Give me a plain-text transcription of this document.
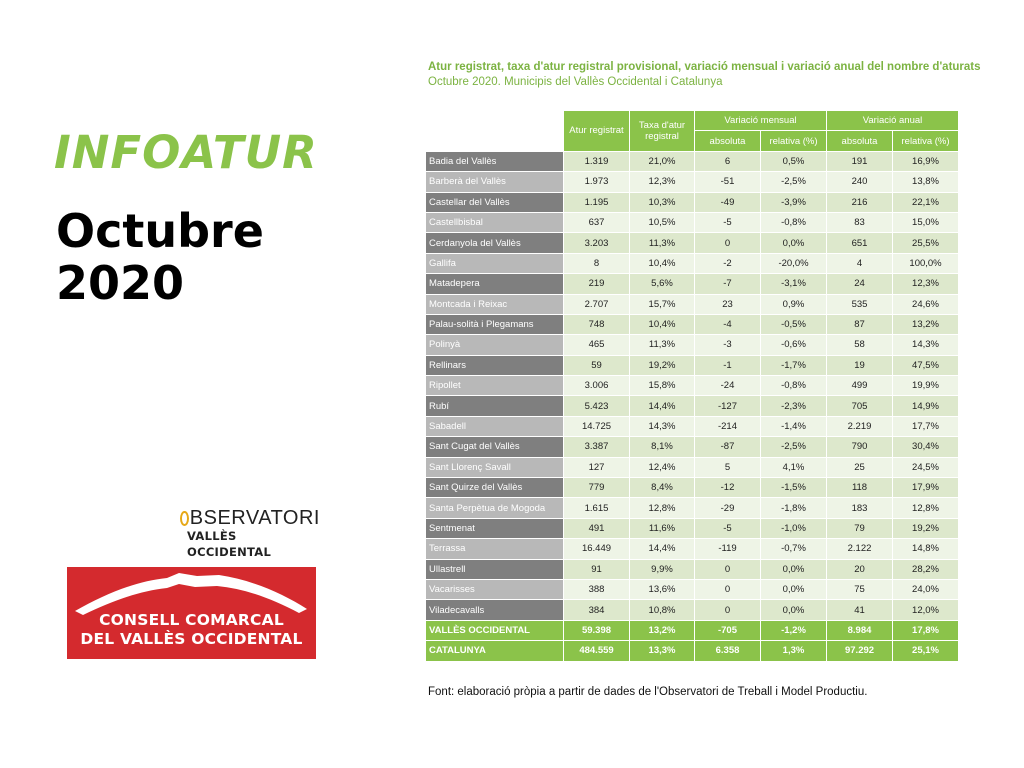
INFOATUR
Octubre
2020
BSERVATORI
VALLÈS OCCIDENTAL
CONSELL COMARCAL
DEL VALLÈS OCCIDENTAL
Atur registrat, taxa d'atur registral provisional, variació mensual i variació anual del nombre d'aturats
Octubre 2020. Municipis del Vallès Occidental i Catalunya
	Atur registrat	Taxa d'atur registral	Variació mensual		Variació anual	
			absoluta	relativa (%)	absoluta	relativa (%)
Badia del Vallès	1.319	21,0%	6	0,5%	191	16,9%
Barberà del Vallès	1.973	12,3%	-51	-2,5%	240	13,8%
Castellar del Vallès	1.195	10,3%	-49	-3,9%	216	22,1%
Castellbisbal	637	10,5%	-5	-0,8%	83	15,0%
Cerdanyola del Vallès	3.203	11,3%	0	0,0%	651	25,5%
Gallifa	8	10,4%	-2	-20,0%	4	100,0%
Matadepera	219	5,6%	-7	-3,1%	24	12,3%
Montcada i Reixac	2.707	15,7%	23	0,9%	535	24,6%
Palau-solità i Plegamans	748	10,4%	-4	-0,5%	87	13,2%
Polinyà	465	11,3%	-3	-0,6%	58	14,3%
Rellinars	59	19,2%	-1	-1,7%	19	47,5%
Ripollet	3.006	15,8%	-24	-0,8%	499	19,9%
Rubí	5.423	14,4%	-127	-2,3%	705	14,9%
Sabadell	14.725	14,3%	-214	-1,4%	2.219	17,7%
Sant Cugat del Vallès	3.387	8,1%	-87	-2,5%	790	30,4%
Sant Llorenç Savall	127	12,4%	5	4,1%	25	24,5%
Sant Quirze del Vallès	779	8,4%	-12	-1,5%	118	17,9%
Santa Perpètua de Mogoda	1.615	12,8%	-29	-1,8%	183	12,8%
Sentmenat	491	11,6%	-5	-1,0%	79	19,2%
Terrassa	16.449	14,4%	-119	-0,7%	2.122	14,8%
Ullastrell	91	9,9%	0	0,0%	20	28,2%
Vacarisses	388	13,6%	0	0,0%	75	24,0%
Viladecavalls	384	10,8%	0	0,0%	41	12,0%
VALLÈS OCCIDENTAL	59.398	13,2%	-705	-1,2%	8.984	17,8%
CATALUNYA	484.559	13,3%	6.358	1,3%	97.292	25,1%

Font: elaboració pròpia a partir de dades de l'Observatori de Treball i Model Productiu.
